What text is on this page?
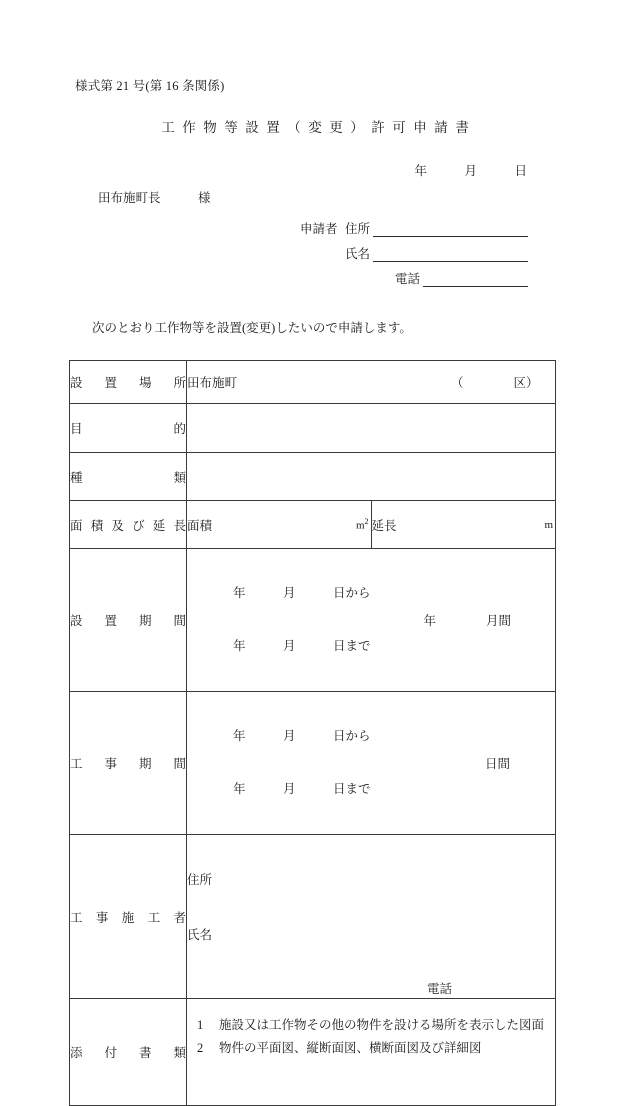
様式第 21 号(第 16 条関係)
工作物等設置（変更）許可申請書
年　　　月　　　日
田布施町長　　　様
申請者 住所
氏名
電話
次のとおり工作物等を設置(変更)したいので申請します。
設置場所	田布施町 （　　　　区）	

目的		
種類		
面積及び延長	面積 $m^2$	延長 m

設置期間	年　　　月　　　日から

年　　　月　　　日まで

年　　　　月間	

工事期間	年　　　月　　　日から

年　　　月　　　日まで

日間	

工事施工者	住所

氏名

電話	

添付書類	1 施設又は工作物その他の物件を設ける場所を表示した図面
2 物件の平面図、縦断面図、横断面図及び詳細図	
